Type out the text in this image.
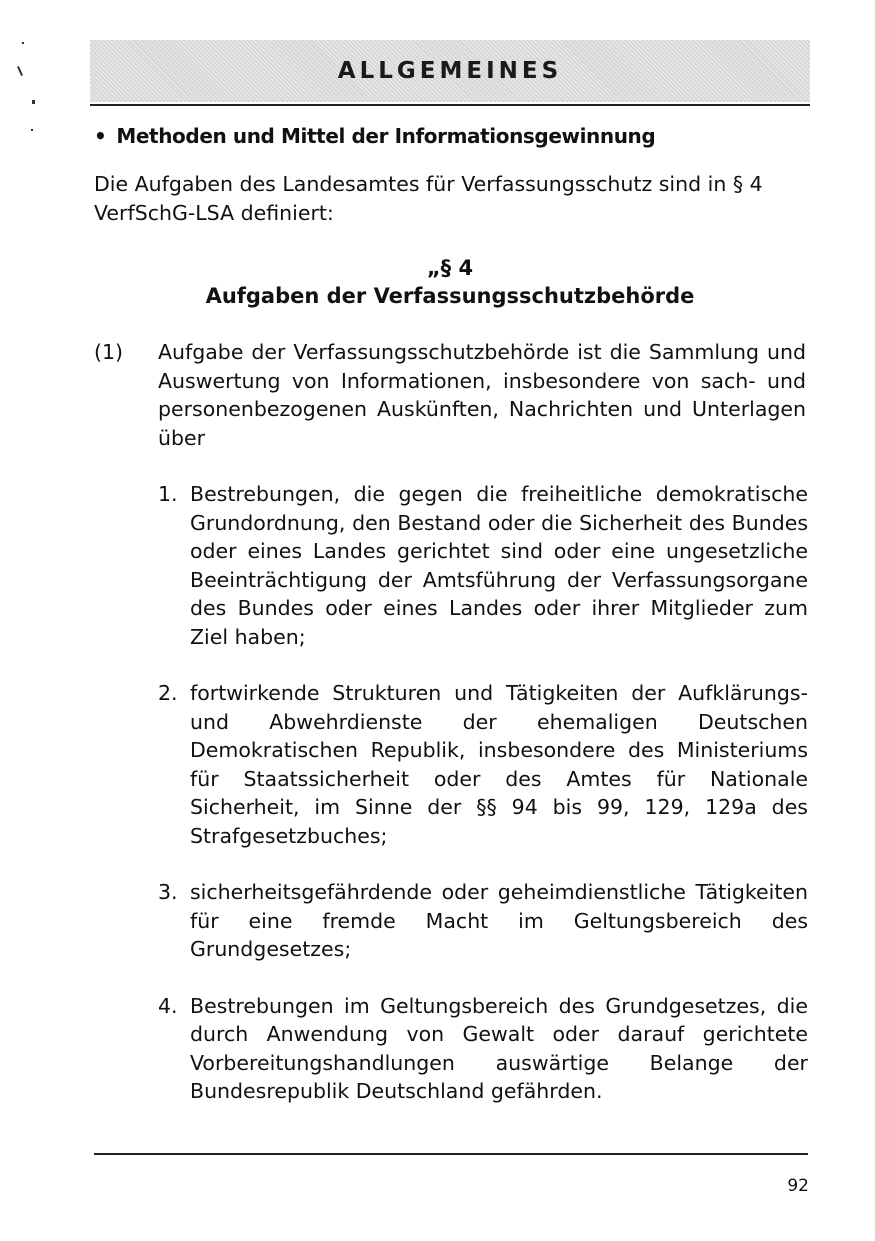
ALLGEMEINES
• Methoden und Mittel der Informationsgewinnung
Die Aufgaben des Landesamtes für Verfassungsschutz sind in § 4 VerfSchG-LSA definiert:
„§ 4
Aufgaben der Verfassungsschutzbehörde
(1) Aufgabe der Verfassungsschutzbehörde ist die Sammlung und Auswertung von Informationen, insbesondere von sach- und personenbezogenen Auskünften, Nachrichten und Unterlagen über
1. Bestrebungen, die gegen die freiheitliche demokratische Grundordnung, den Bestand oder die Sicherheit des Bundes oder eines Landes gerichtet sind oder eine ungesetzliche Beeinträchtigung der Amtsführung der Verfassungsorgane des Bundes oder eines Landes oder ihrer Mitglieder zum Ziel haben;
2. fortwirkende Strukturen und Tätigkeiten der Aufklärungs- und Abwehrdienste der ehemaligen Deutschen Demokratischen Republik, insbesondere des Ministeriums für Staatssicherheit oder des Amtes für Nationale Sicherheit, im Sinne der §§ 94 bis 99, 129, 129a des Strafgesetzbuches;
3. sicherheitsgefährdende oder geheimdienstliche Tätigkeiten für eine fremde Macht im Geltungsbereich des Grundgesetzes;
4. Bestrebungen im Geltungsbereich des Grundgesetzes, die durch Anwendung von Gewalt oder darauf gerichtete Vorbereitungshandlungen auswärtige Belange der Bundesrepublik Deutschland gefährden.
92
